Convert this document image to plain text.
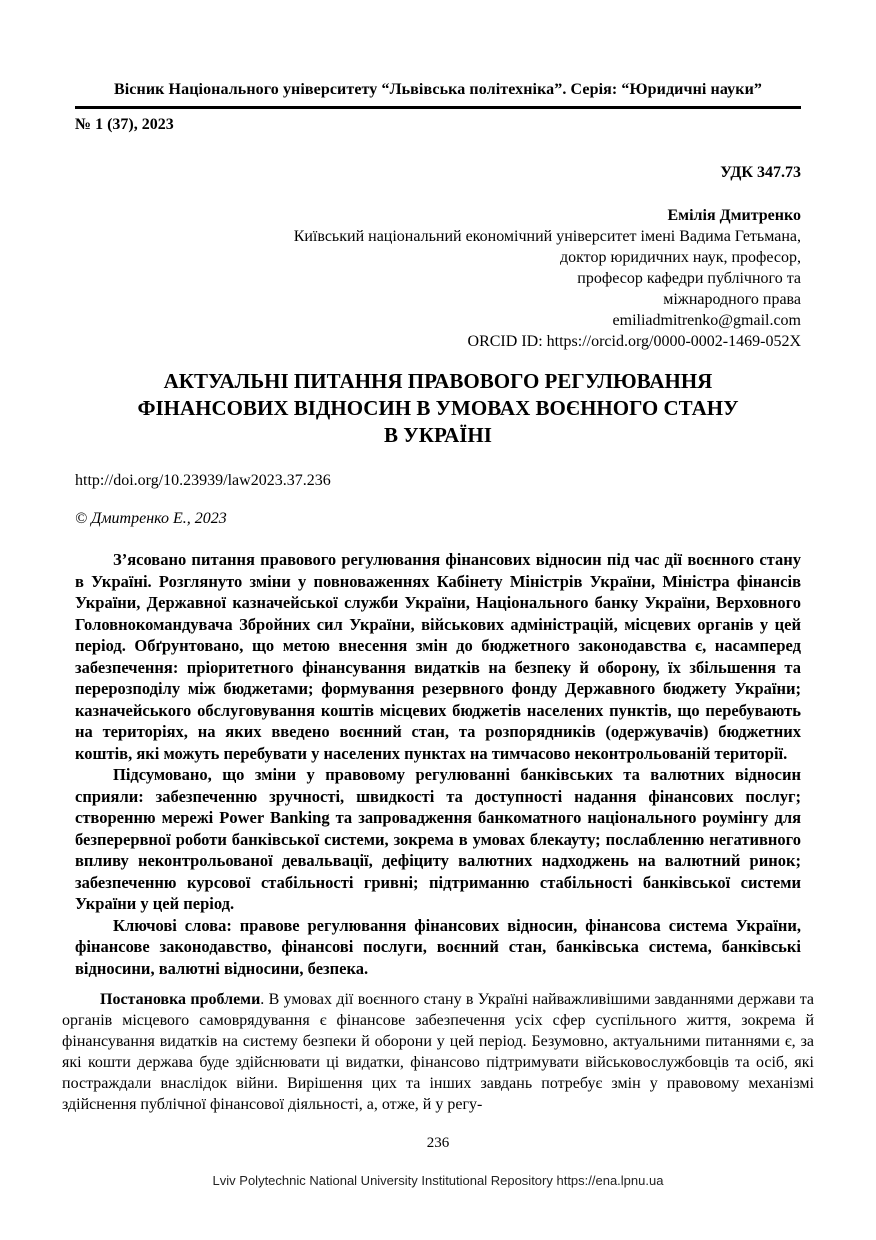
Вісник Національного університету “Львівська політехніка”. Серія: “Юридичні науки”
№ 1 (37), 2023
УДК 347.73
Емілія Дмитренко
Київський національний економічний університет імені Вадима Гетьмана,
доктор юридичних наук, професор,
професор кафедри публічного та
міжнародного права
emiliadmitrenko@gmail.com
ORCID ID: https://orcid.org/0000-0002-1469-052X
АКТУАЛЬНІ ПИТАННЯ ПРАВОВОГО РЕГУЛЮВАННЯ
ФІНАНСОВИХ ВІДНОСИН В УМОВАХ ВОЄННОГО СТАНУ
В УКРАЇНІ
http://doi.org/10.23939/law2023.37.236
© Дмитренко Е., 2023

З’ясовано питання правового регулювання фінансових відносин під час дії воєнного стану в Україні. Розглянуто зміни у повноваженнях Кабінету Міністрів України, Міністра фінансів України, Державної казначейської служби України, Національного банку України, Верховного Головнокомандувача Збройних сил України, військових адміністрацій, місцевих органів у цей період. Обґрунтовано, що метою внесення змін до бюджетного законодавства є, насамперед забезпечення: пріоритетного фінансування видатків на безпеку й оборону, їх збільшення та перерозподілу між бюджетами; формування резервного фонду Державного бюджету України; казначейського обслуговування коштів місцевих бюджетів населених пунктів, що перебувають на територіях, на яких введено воєнний стан, та розпорядників (одержувачів) бюджетних коштів, які можуть перебувати у населених пунктах на тимчасово неконтрольованій території.

Підсумовано, що зміни у правовому регулюванні банківських та валютних відносин сприяли: забезпеченню зручності, швидкості та доступності надання фінансових послуг; створенню мережі Power Banking та запровадження банкоматного національного роумінгу для безперервної роботи банківської системи, зокрема в умовах блекауту; послабленню негативного впливу неконтрольованої девальвації, дефіциту валютних надходжень на валютний ринок; забезпеченню курсової стабільності гривні; підтриманню стабільності банківської системи України у цей період.

Ключові слова: правове регулювання фінансових відносин, фінансова система України, фінансове законодавство, фінансові послуги, воєнний стан, банківська система, банківські відносини, валютні відносини, безпека.

Постановка проблеми. В умовах дії воєнного стану в Україні найважливішими завданнями держави та органів місцевого самоврядування є фінансове забезпечення усіх сфер суспільного життя, зокрема й фінансування видатків на систему безпеки й оборони у цей період. Безумовно, актуальними питаннями є, за які кошти держава буде здійснювати ці видатки, фінансово підтримувати військовослужбовців та осіб, які постраждали внаслідок війни. Вирішення цих та інших завдань потребує змін у правовому механізмі здійснення публічної фінансової діяльності, а, отже, й у регу-

236
Lviv Polytechnic National University Institutional Repository https://ena.lpnu.ua
